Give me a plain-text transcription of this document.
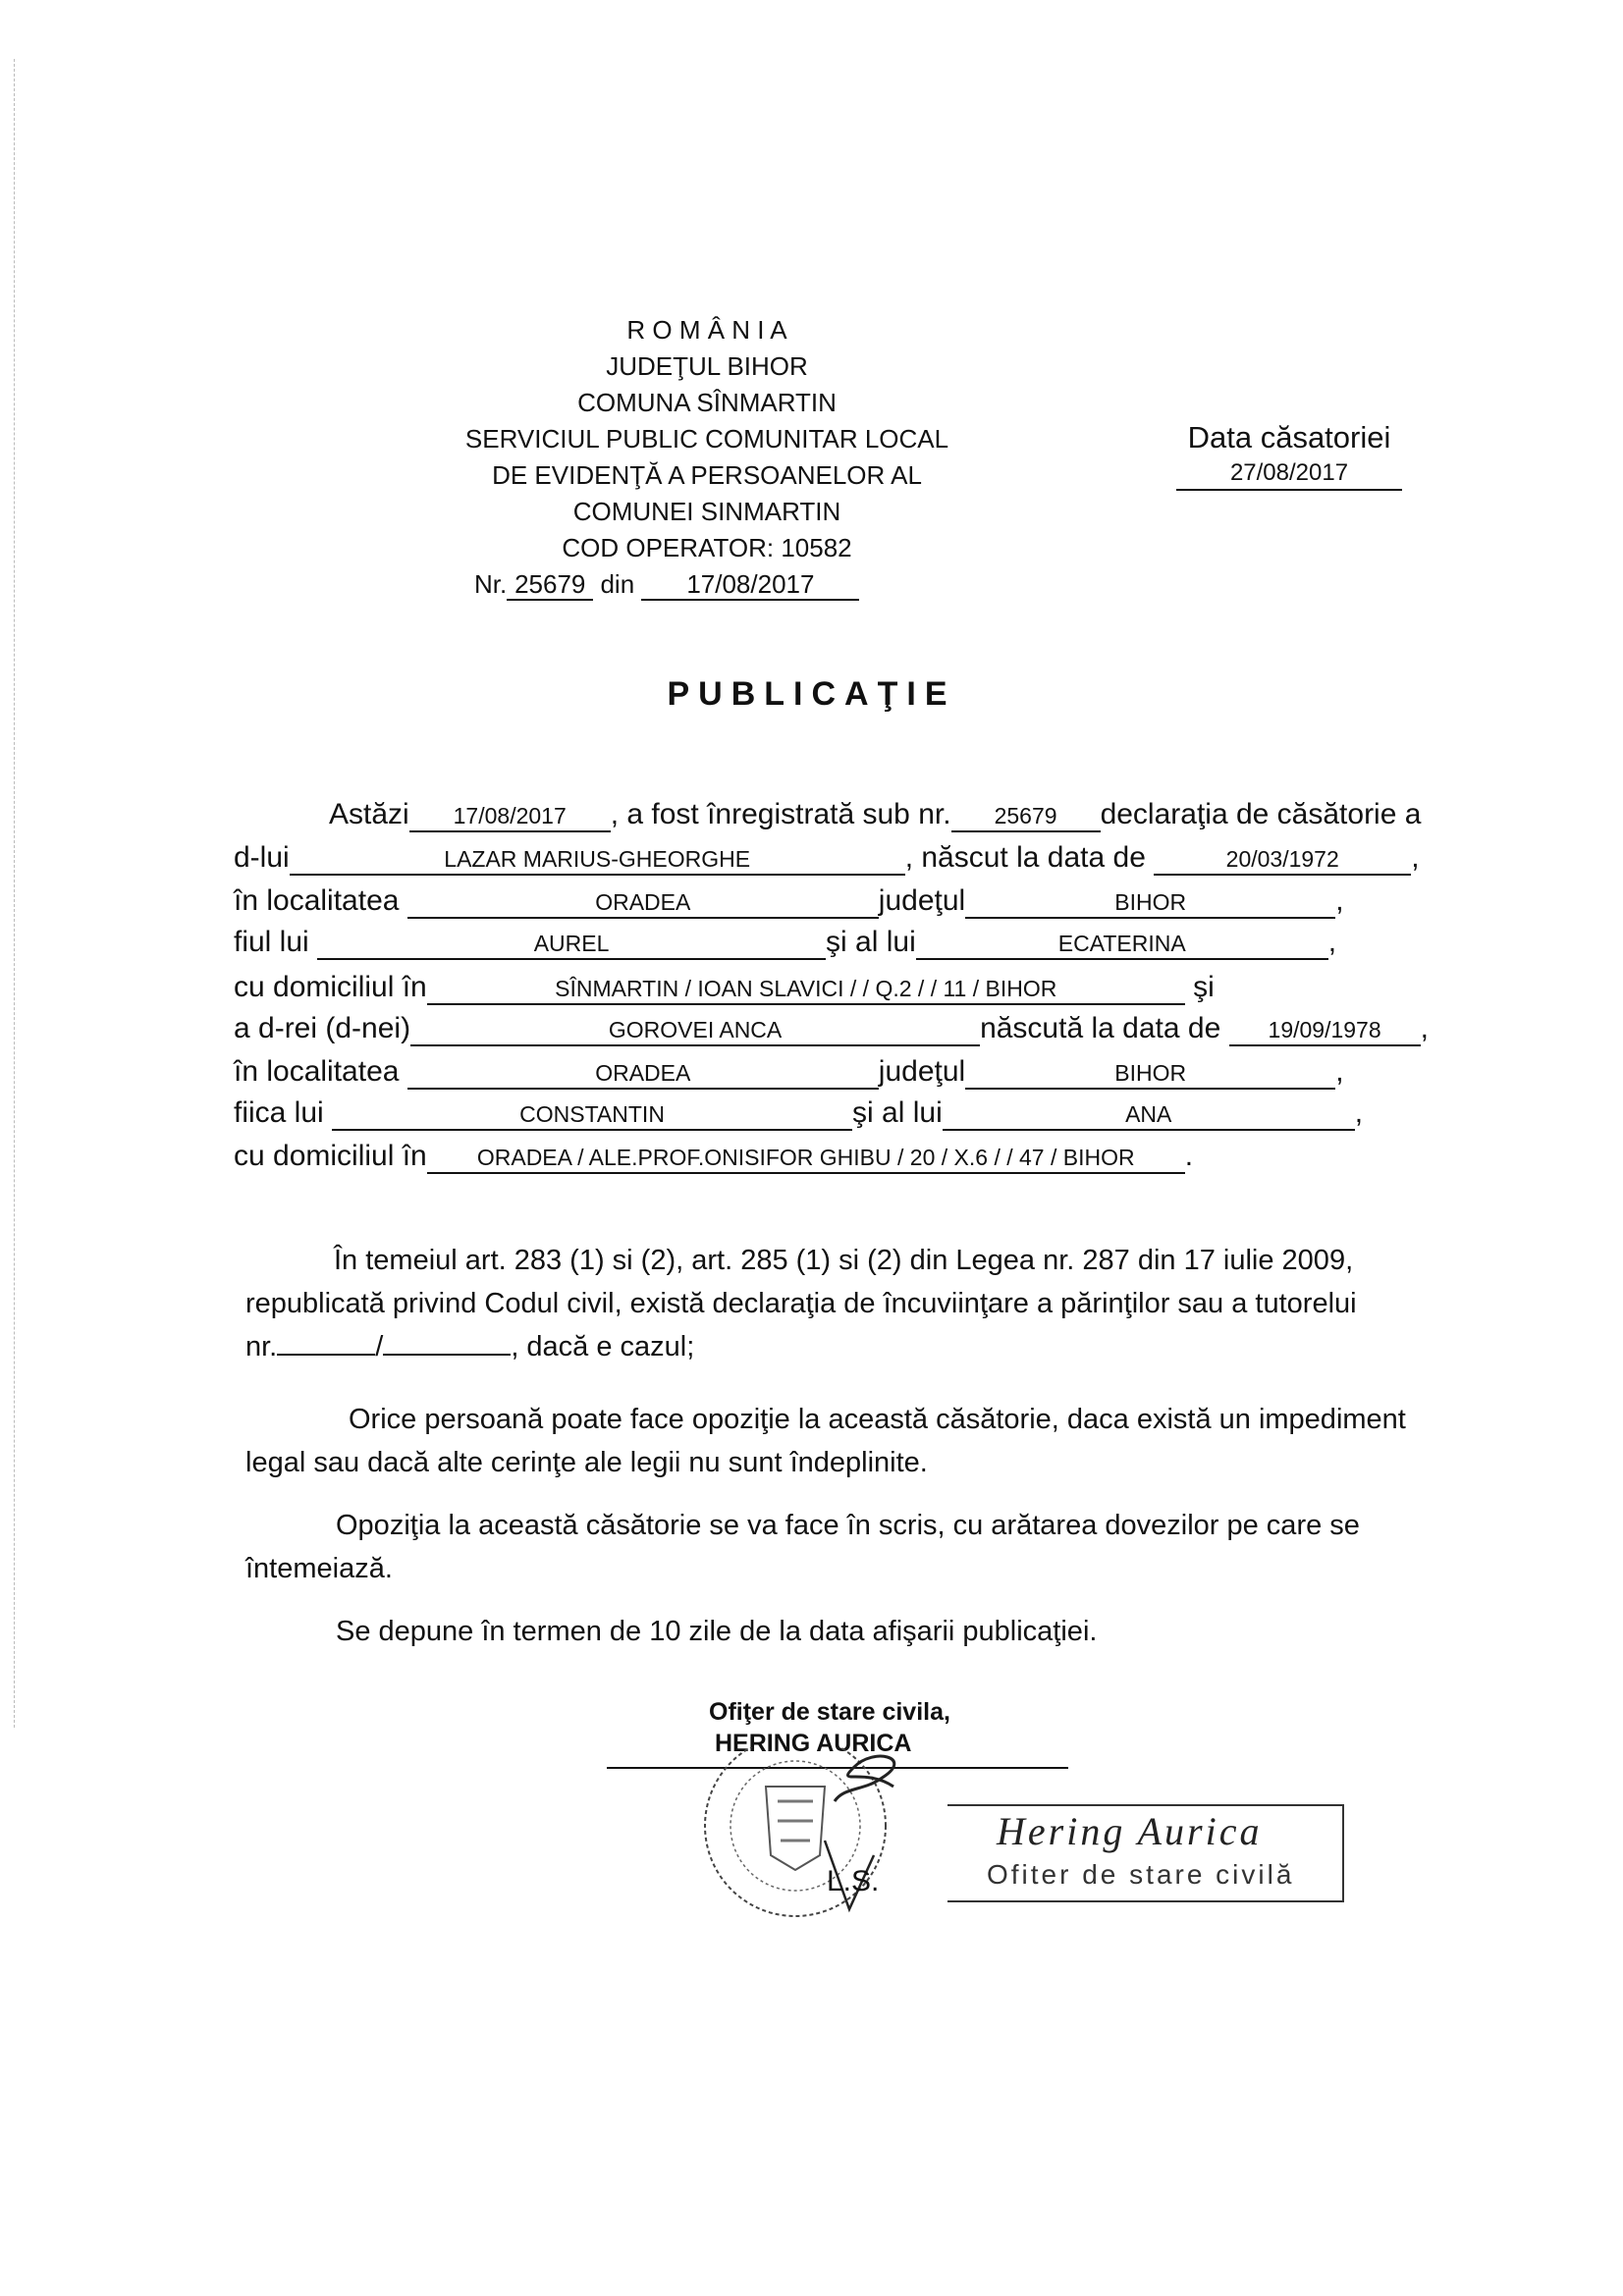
R O M Â N I A
JUDEŢUL BIHOR
COMUNA SÎNMARTIN
SERVICIUL PUBLIC COMUNITAR LOCAL
DE EVIDENŢĂ A PERSOANELOR AL
COMUNEI SINMARTIN
COD OPERATOR: 10582
Nr. 25679 din 17/08/2017
Data căsatoriei
27/08/2017
PUBLICAŢIE
Astăzi 17/08/2017 , a fost înregistrată sub nr. 25679 declaraţia de căsătorie a
d-lui	LAZAR MARIUS-GHEORGHE	, născut la data de	20/03/1972 ,
în localitatea	ORADEA	judeţul	BIHOR	,
fiul lui	AUREL	şi al lui	ECATERINA	,
cu domiciliul în	SÎNMARTIN / IOAN SLAVICI / / Q.2 / / 11 / BIHOR	şi
a d-rei (d-nei)	GOROVEI ANCA	născută la data de 19/09/1978 ,
în localitatea	ORADEA	judeţul	BIHOR	,
fiica lui	CONSTANTIN	şi al lui	ANA	,
cu domiciliul în ORADEA / ALE.PROF.ONISIFOR GHIBU / 20 / X.6 / / 47 / BIHOR .
În temeiul art. 283 (1) si (2), art. 285 (1) si (2) din Legea nr. 287 din 17 iulie 2009,
republicată privind Codul civil, există declaraţia de încuviinţare a părinţilor sau a tutorelui
nr.	/	, dacă e cazul;
Orice persoană poate face opoziţie la această căsătorie, daca există un impediment
legal sau dacă alte cerinţe ale legii nu sunt îndeplinite.
Opoziţia la această căsătorie se va face în scris, cu arătarea dovezilor pe care se
întemeiază.
Se depune în termen de 10 zile de la data afişarii publicaţiei.
Ofiţer de stare civila,
HERING AURICA
L.S.
Hering Aurica
Ofiter de stare civilă
